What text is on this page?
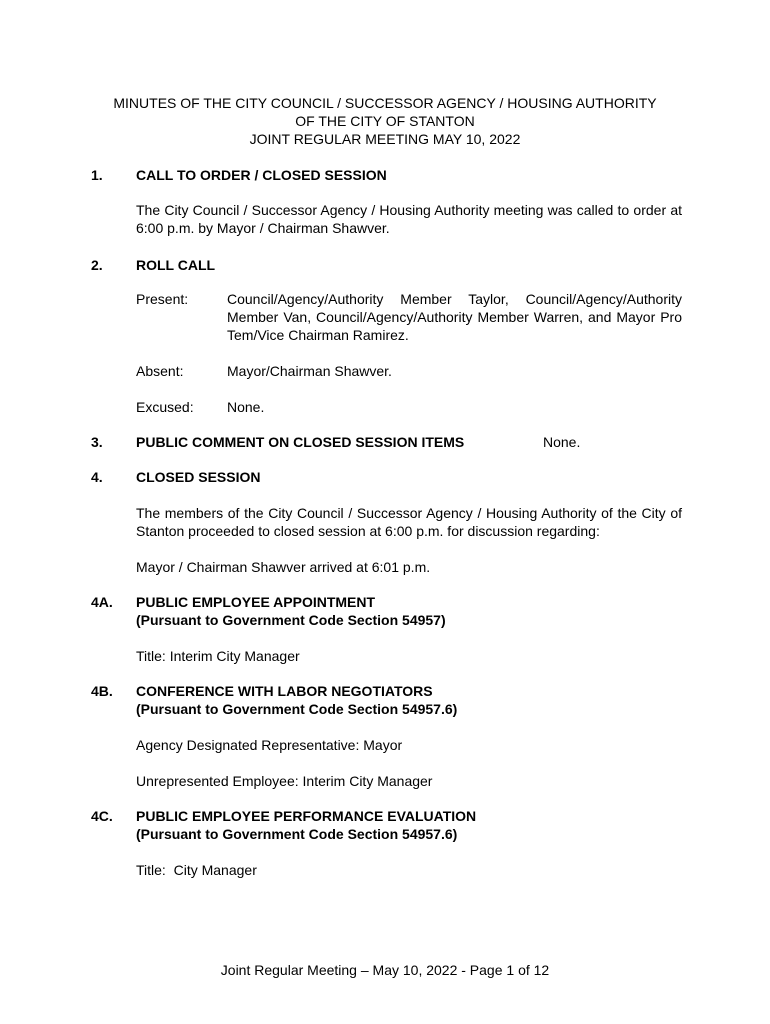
MINUTES OF THE CITY COUNCIL / SUCCESSOR AGENCY / HOUSING AUTHORITY
OF THE CITY OF STANTON
JOINT REGULAR MEETING MAY 10, 2022
1. CALL TO ORDER / CLOSED SESSION
The City Council / Successor Agency / Housing Authority meeting was called to order at 6:00 p.m. by Mayor / Chairman Shawver.
2. ROLL CALL
Present:	Council/Agency/Authority Member Taylor, Council/Agency/Authority Member Van, Council/Agency/Authority Member Warren, and Mayor Pro Tem/Vice Chairman Ramirez.
Absent:	Mayor/Chairman Shawver.
Excused: None.
3. PUBLIC COMMENT ON CLOSED SESSION ITEMS	None.
4. CLOSED SESSION
The members of the City Council / Successor Agency / Housing Authority of the City of Stanton proceeded to closed session at 6:00 p.m. for discussion regarding:
Mayor / Chairman Shawver arrived at 6:01 p.m.
4A. PUBLIC EMPLOYEE APPOINTMENT
(Pursuant to Government Code Section 54957)
Title: Interim City Manager
4B. CONFERENCE WITH LABOR NEGOTIATORS
(Pursuant to Government Code Section 54957.6)
Agency Designated Representative: Mayor
Unrepresented Employee: Interim City Manager
4C. PUBLIC EMPLOYEE PERFORMANCE EVALUATION
(Pursuant to Government Code Section 54957.6)
Title:  City Manager
Joint Regular Meeting – May 10, 2022 - Page 1 of 12
